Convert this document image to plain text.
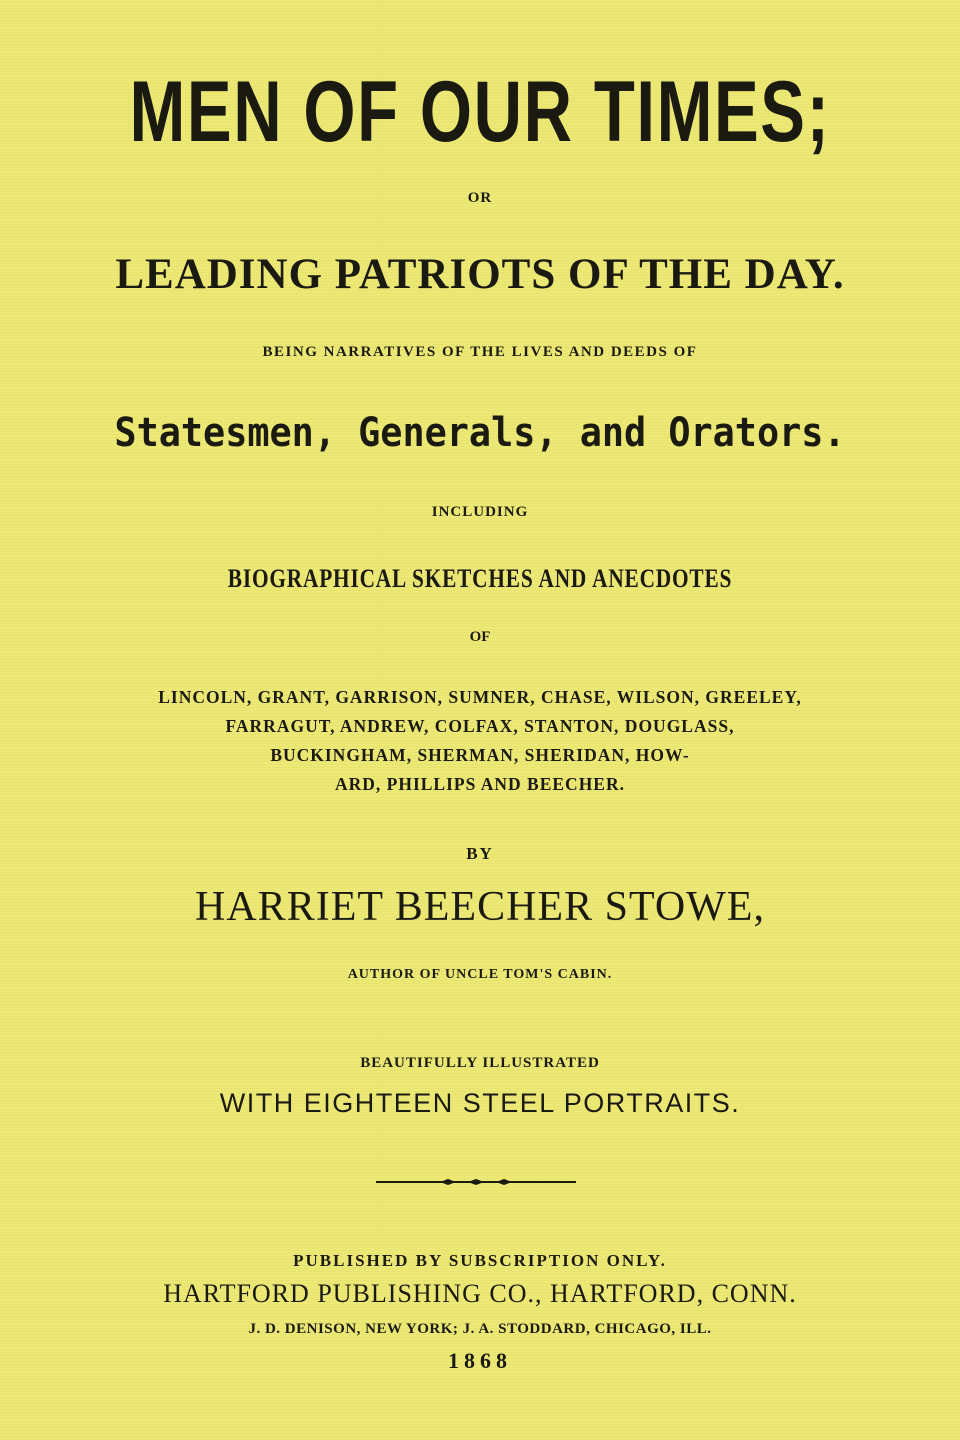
MEN OF OUR TIMES;

OR

LEADING PATRIOTS OF THE DAY.

BEING NARRATIVES OF THE LIVES AND DEEDS OF

Statesmen, Generals, and Orators.

INCLUDING

BIOGRAPHICAL SKETCHES AND ANECDOTES

OF

LINCOLN, GRANT, GARRISON, SUMNER, CHASE, WILSON, GREELEY,
FARRAGUT, ANDREW, COLFAX, STANTON, DOUGLASS,
BUCKINGHAM, SHERMAN, SHERIDAN, HOW-
ARD, PHILLIPS AND BEECHER.

BY

HARRIET BEECHER STOWE,

AUTHOR OF UNCLE TOM'S CABIN.

BEAUTIFULLY ILLUSTRATED

WITH EIGHTEEN STEEL PORTRAITS.

PUBLISHED BY SUBSCRIPTION ONLY.

HARTFORD PUBLISHING CO., HARTFORD, CONN.

J. D. DENISON, NEW YORK; J. A. STODDARD, CHICAGO, ILL.

1868
